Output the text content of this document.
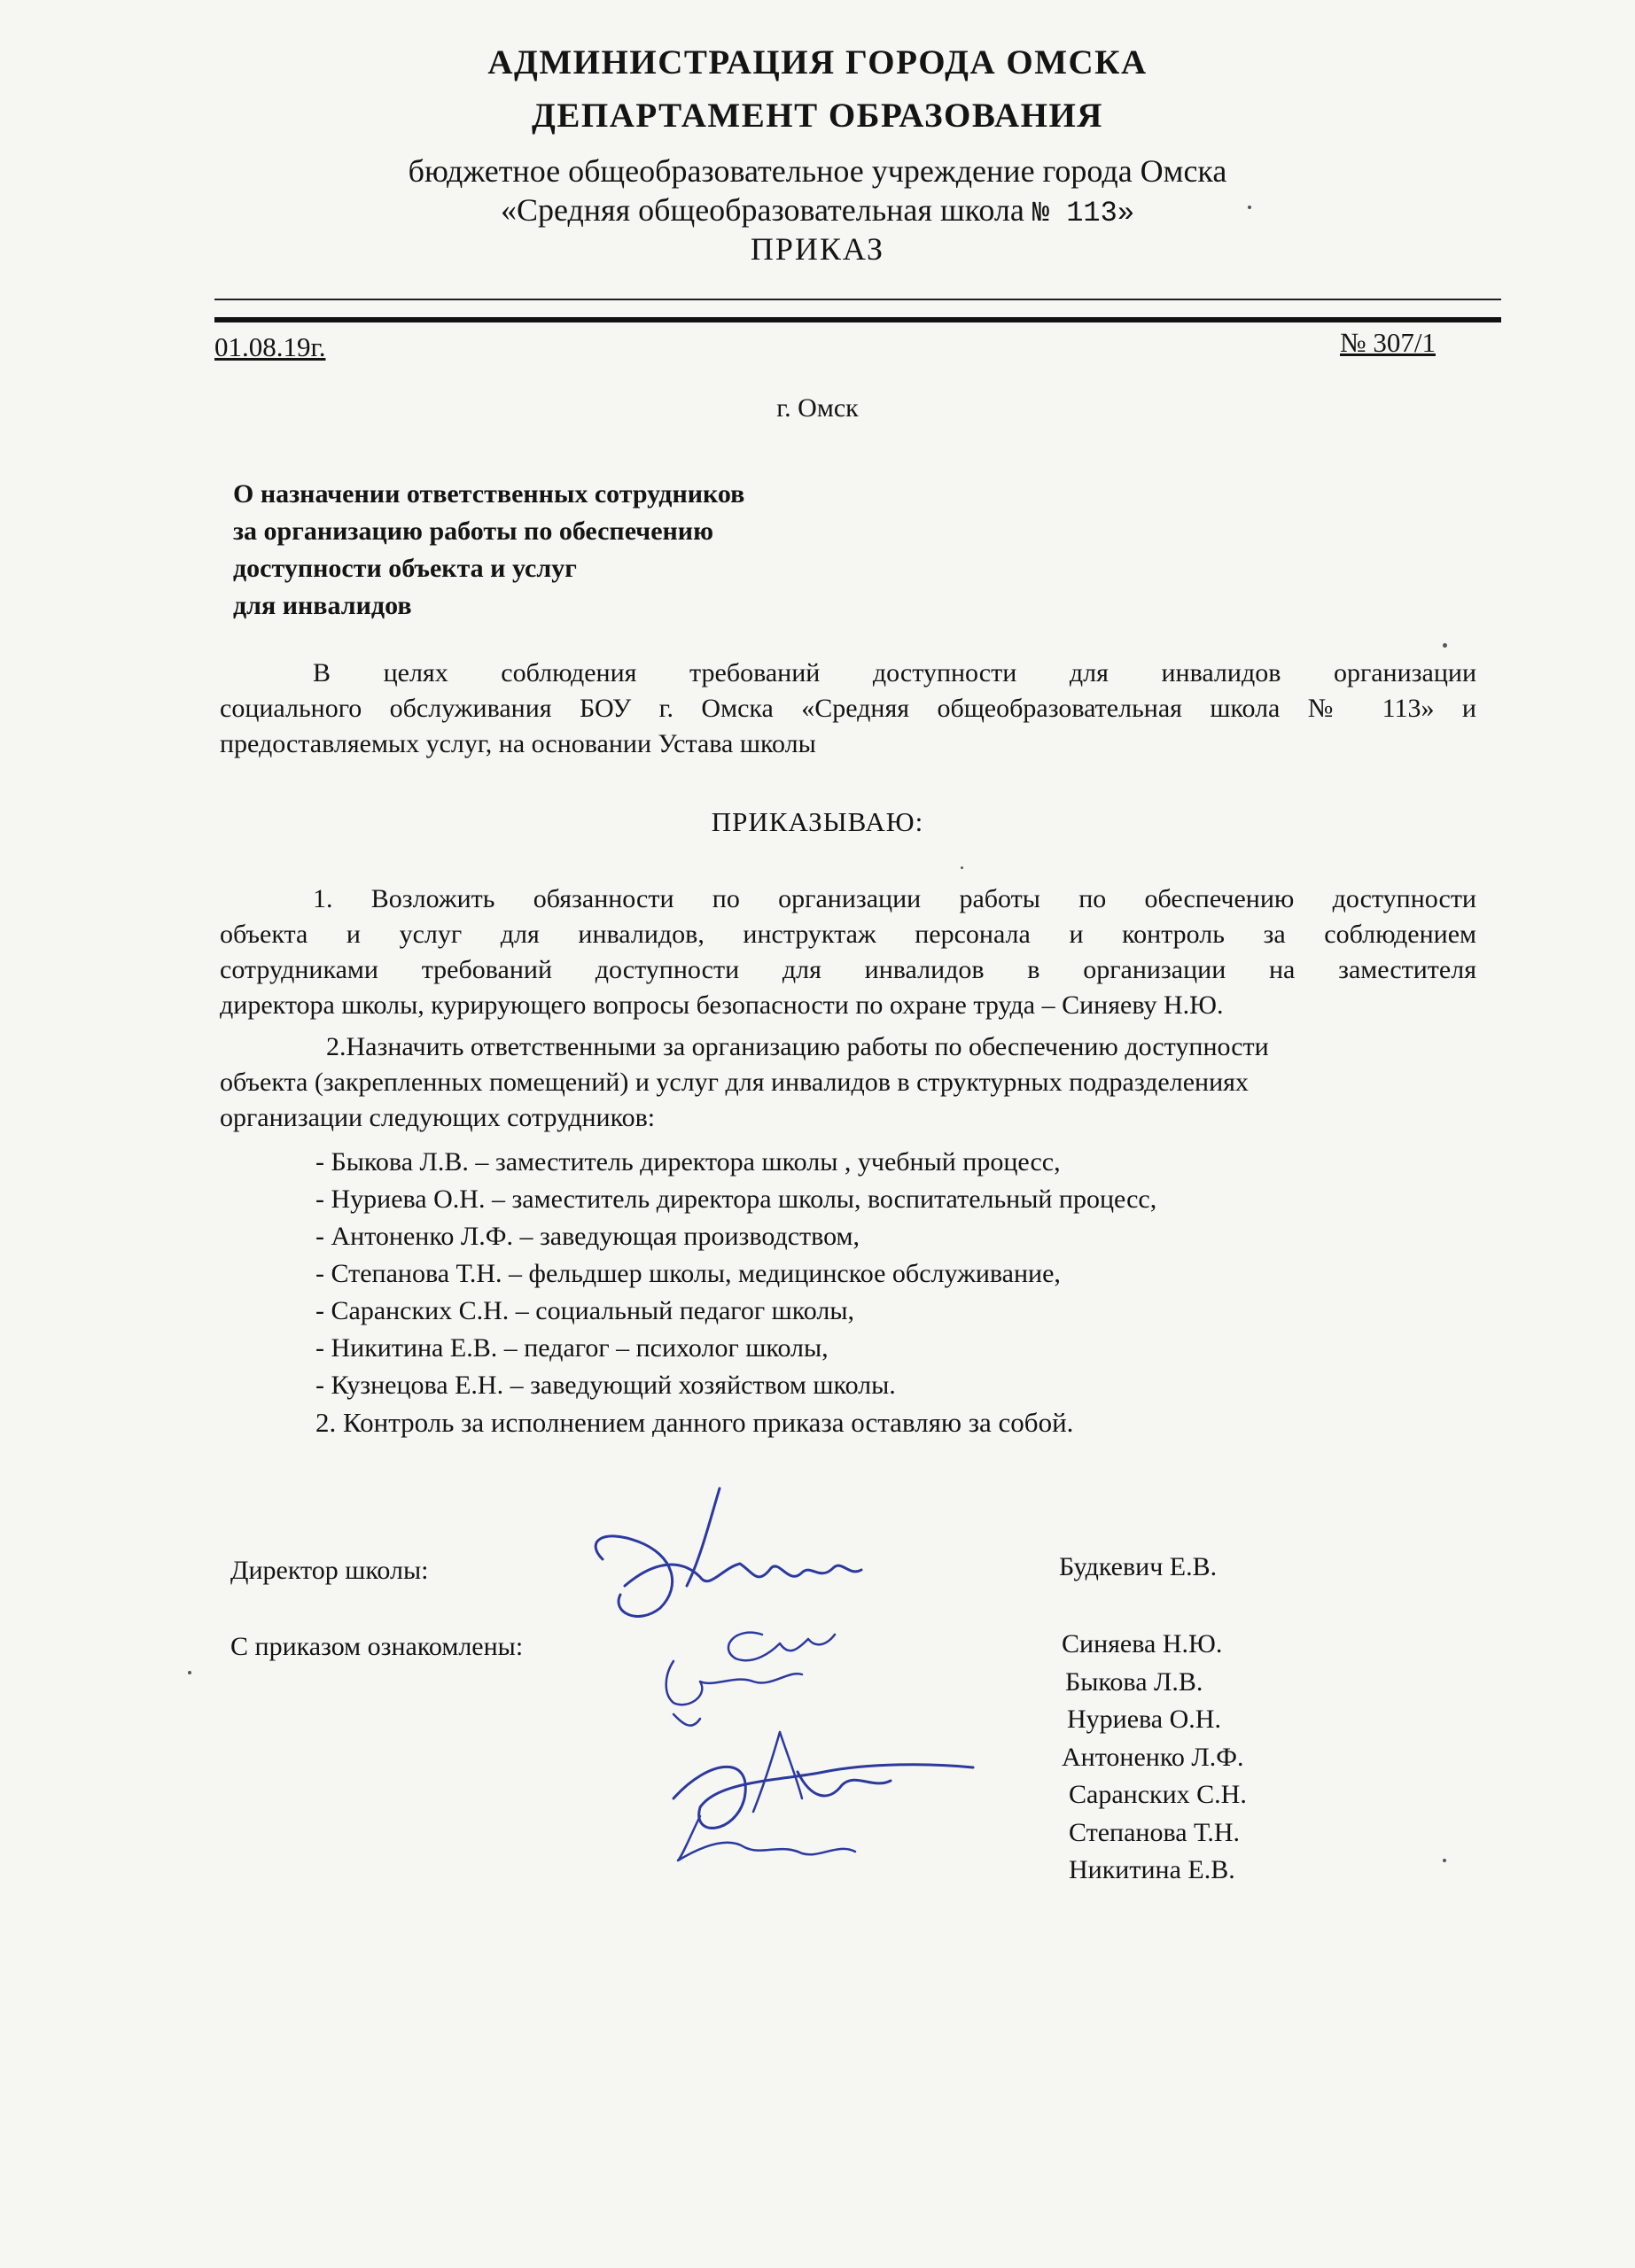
АДМИНИСТРАЦИЯ ГОРОДА ОМСКА
ДЕПАРТАМЕНТ ОБРАЗОВАНИЯ
бюджетное общеобразовательное учреждение города Омска
«Средняя общеобразовательная школа № 113»
ПРИКАЗ
01.08.19г.	№ 307/1
г. Омск
О назначении ответственных сотрудников
за организацию работы по обеспечению
доступности объекта и услуг
для инвалидов
В целях соблюдения требований доступности для инвалидов организации
социального обслуживания БОУ г. Омска «Средняя общеобразовательная школа № 113» и
предоставляемых услуг, на основании Устава школы
ПРИКАЗЫВАЮ:
1. Возложить обязанности по организации работы по обеспечению доступности
объекта и услуг для инвалидов, инструктаж персонала и контроль за соблюдением
сотрудниками требований доступности для инвалидов в организации на заместителя
директора школы, курирующего вопросы безопасности по охране труда – Синяеву Н.Ю.
2.Назначить ответственными за организацию работы по обеспечению доступности
объекта (закрепленных помещений) и услуг для инвалидов в структурных подразделениях
организации следующих сотрудников:
- Быкова Л.В. – заместитель директора школы , учебный процесс,
- Нуриева О.Н. – заместитель директора школы, воспитательный процесс,
- Антоненко Л.Ф. – заведующая производством,
- Степанова Т.Н. – фельдшер школы, медицинское обслуживание,
- Саранских С.Н. – социальный педагог школы,
- Никитина Е.В. – педагог – психолог школы,
- Кузнецова Е.Н. – заведующий хозяйством школы.
2. Контроль за исполнением данного приказа оставляю за собой.
Директор школы:
С приказом ознакомлены:
Будкевич Е.В.
Синяева Н.Ю.
Быкова Л.В.
Нуриева О.Н.
Антоненко Л.Ф.
Саранских С.Н.
Степанова Т.Н.
Никитина Е.В.
